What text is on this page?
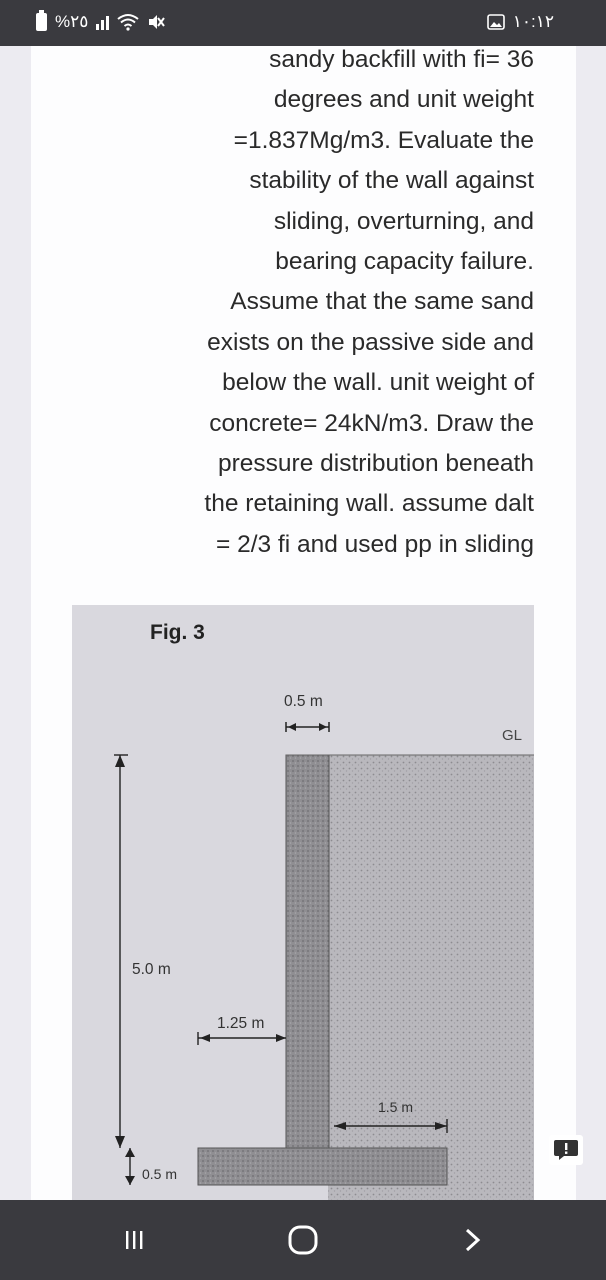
%٢٥	١٠:١٢
sandy backfill with fi= 36
degrees and unit weight
=1.837Mg/m3. Evaluate the
stability of the wall against
sliding, overturning, and
bearing capacity failure.
Assume that the same sand
exists on the passive side and
below the wall. unit weight of
concrete= 24kN/m3. Draw the
pressure distribution beneath
the retaining wall. assume dalt
= 2/3 fi and used pp in sliding
Fig. 3
0.5 m
GL
5.0 m
1.25 m
1.5 m
0.5 m
